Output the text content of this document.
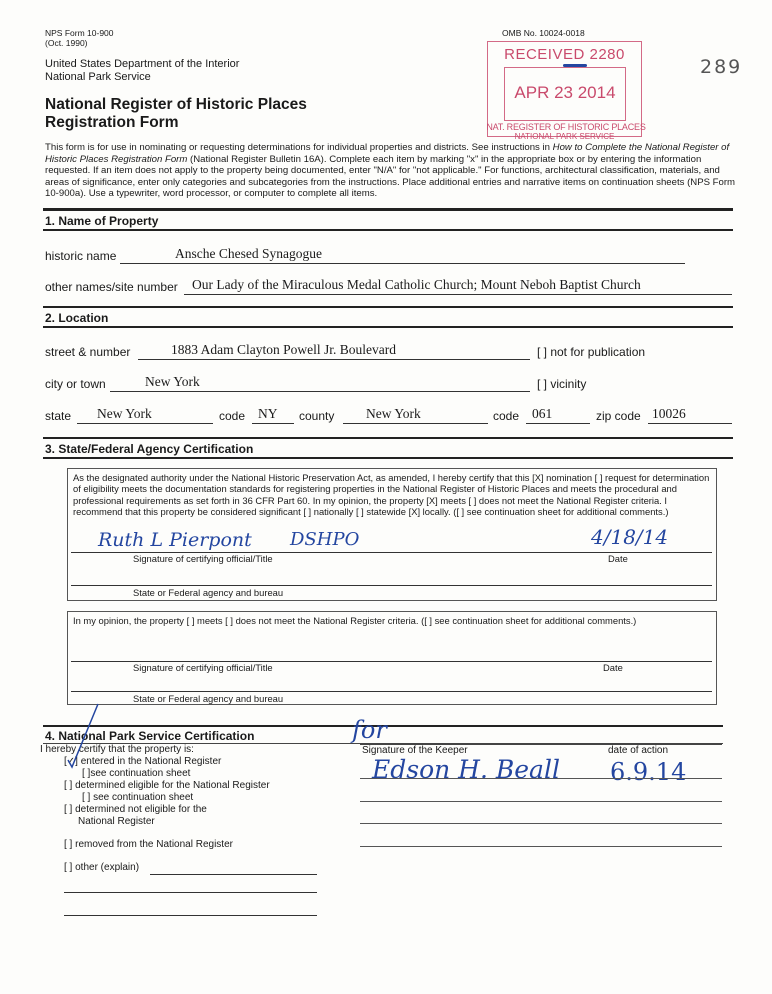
NPS Form 10-900
(Oct. 1990)
OMB No. 10024-0018
United States Department of the Interior
National Park Service
National Register of Historic Places
Registration Form
289
RECEIVED 2280
APR 23 2014
NAT. REGISTER OF HISTORIC PLACES
NATIONAL PARK SERVICE
This form is for use in nominating or requesting determinations for individual properties and districts. See instructions in How to Complete the National Register of Historic Places Registration Form (National Register Bulletin 16A). Complete each item by marking "x" in the appropriate box or by entering the information requested. If an item does not apply to the property being documented, enter "N/A" for "not applicable." For functions, architectural classification, materials, and areas of significance, enter only categories and subcategories from the instructions. Place additional entries and narrative items on continuation sheets (NPS Form 10-900a). Use a typewriter, word processor, or computer to complete all items.
1. Name of Property
historic name	Ansche Chesed Synagogue
other names/site number Our Lady of the Miraculous Medal Catholic Church; Mount Neboh Baptist Church
2. Location
street & number	1883 Adam Clayton Powell Jr. Boulevard	[ ] not for publication
city or town	New York	[ ] vicinity
state New York	code NY county New York	code 061	zip code 10026
3. State/Federal Agency Certification
As the designated authority under the National Historic Preservation Act, as amended, I hereby certify that this [X] nomination [ ] request for determination of eligibility meets the documentation standards for registering properties in the National Register of Historic Places and meets the procedural and professional requirements as set forth in 36 CFR Part 60. In my opinion, the property [X] meets [ ] does not meet the National Register criteria. I recommend that this property be considered significant [ ] nationally [ ] statewide [X] locally. ([ ] see continuation sheet for additional comments.)
Ruth L Pierpont DSHPO	4/18/14
Signature of certifying official/Title	Date
State or Federal agency and bureau
In my opinion, the property [ ] meets [ ] does not meet the National Register criteria. ([ ] see continuation sheet for additional comments.)
Signature of certifying official/Title	Date
State or Federal agency and bureau
4. National Park Service Certification
I hereby certify that the property is:
[✓] entered in the National Register
[ ]see continuation sheet
[ ] determined eligible for the National Register
[ ] see continuation sheet
[ ] determined not eligible for the
National Register
[ ] removed from the National Register
[ ] other (explain)
Signature of the Keeper	date of action
for
Edson H. Beall 6.9.14
